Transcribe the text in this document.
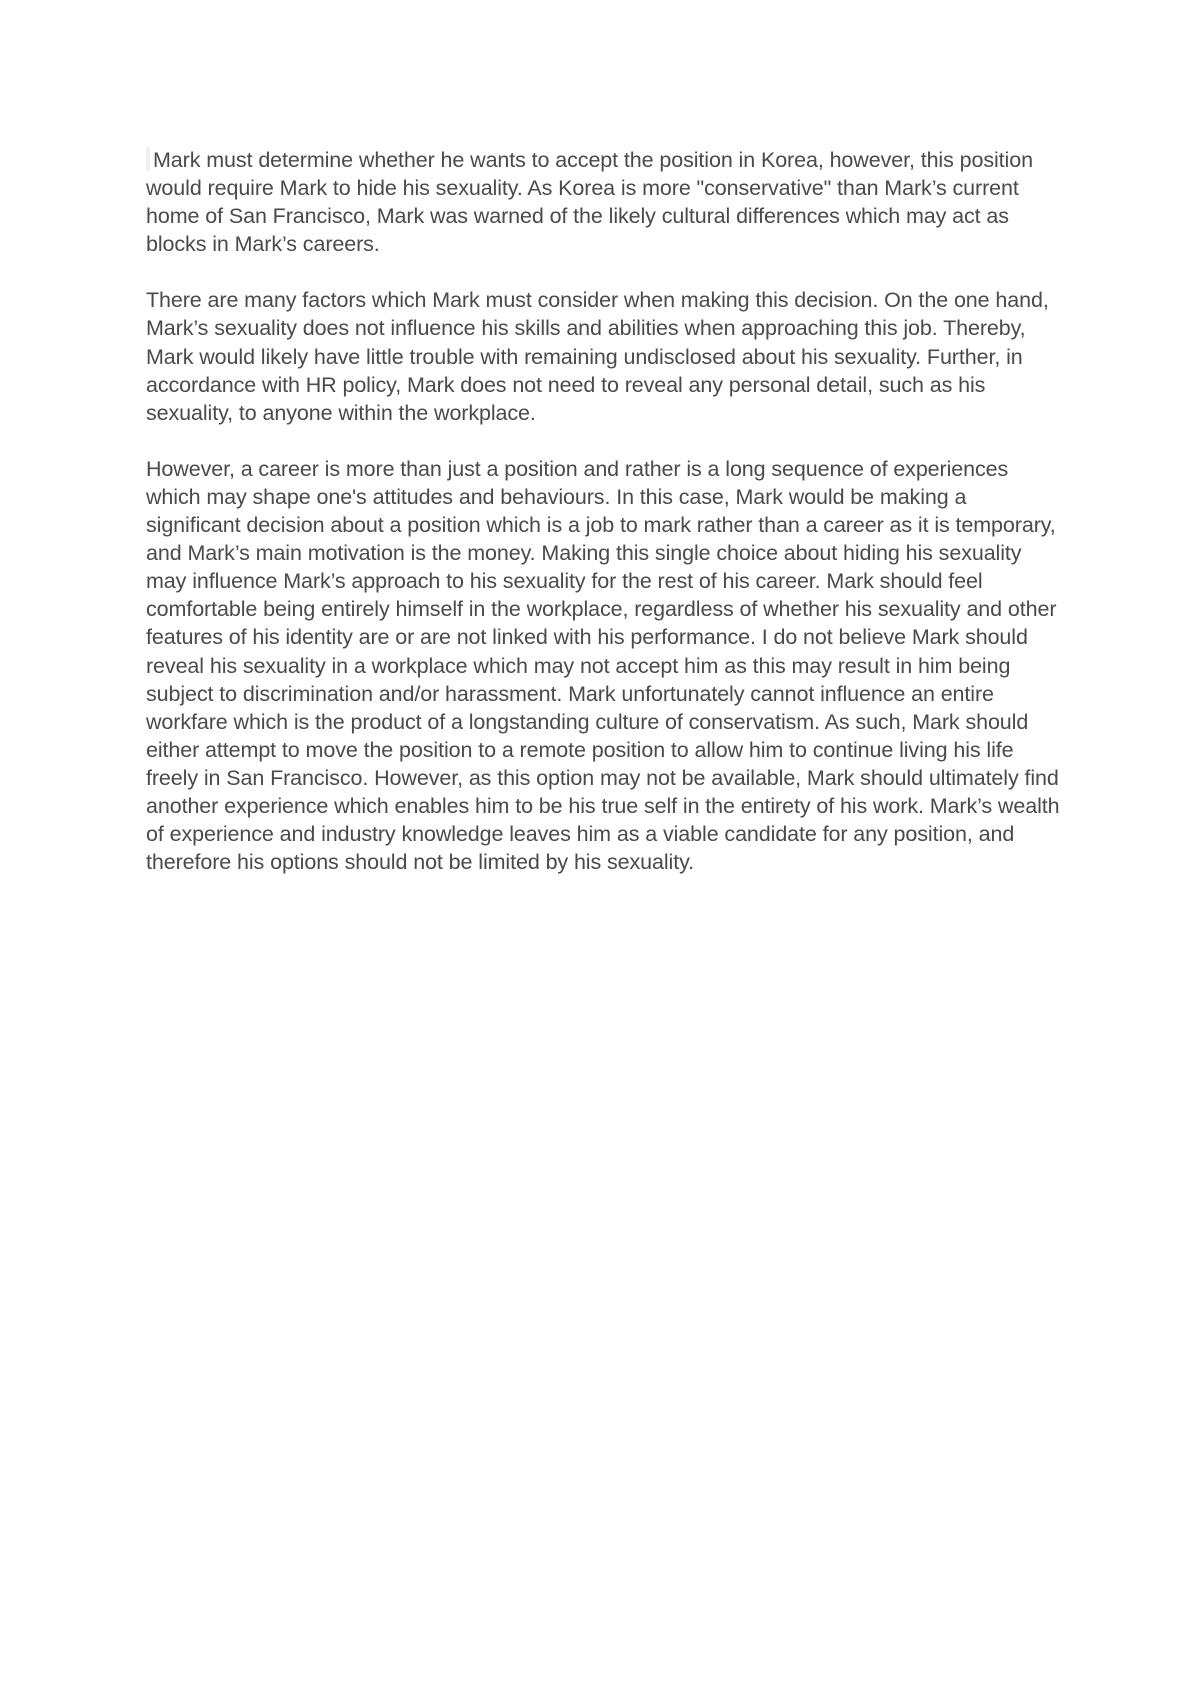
Mark must determine whether he wants to accept the position in Korea, however, this position would require Mark to hide his sexuality. As Korea is more "conservative" than Mark’s current home of San Francisco, Mark was warned of the likely cultural differences which may act as blocks in Mark’s careers.

There are many factors which Mark must consider when making this decision. On the one hand, Mark’s sexuality does not influence his skills and abilities when approaching this job. Thereby, Mark would likely have little trouble with remaining undisclosed about his sexuality. Further, in accordance with HR policy, Mark does not need to reveal any personal detail, such as his sexuality, to anyone within the workplace.

However, a career is more than just a position and rather is a long sequence of experiences which may shape one's attitudes and behaviours. In this case, Mark would be making a significant decision about a position which is a job to mark rather than a career as it is temporary, and Mark’s main motivation is the money. Making this single choice about hiding his sexuality may influence Mark’s approach to his sexuality for the rest of his career. Mark should feel comfortable being entirely himself in the workplace, regardless of whether his sexuality and other features of his identity are or are not linked with his performance. I do not believe Mark should reveal his sexuality in a workplace which may not accept him as this may result in him being subject to discrimination and/or harassment. Mark unfortunately cannot influence an entire workfare which is the product of a longstanding culture of conservatism. As such, Mark should either attempt to move the position to a remote position to allow him to continue living his life freely in San Francisco. However, as this option may not be available, Mark should ultimately find another experience which enables him to be his true self in the entirety of his work. Mark’s wealth of experience and industry knowledge leaves him as a viable candidate for any position, and therefore his options should not be limited by his sexuality.
